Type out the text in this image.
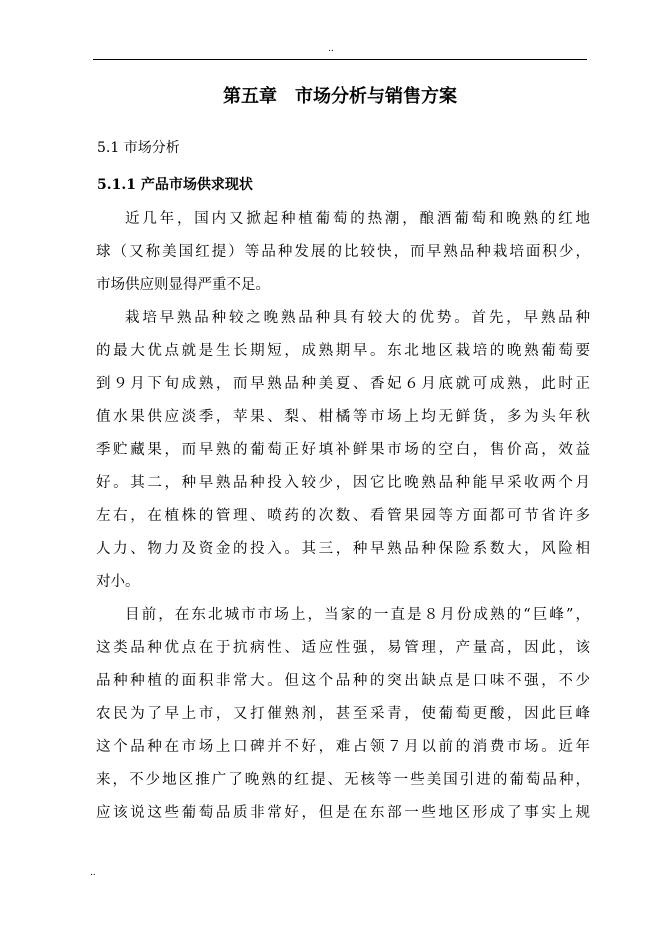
..
第五章　市场分析与销售方案
5.1 市场分析
5.1.1 产品市场供求现状
近几年，国内又掀起种植葡萄的热潮，酿酒葡萄和晚熟的红地
球（又称美国红提）等品种发展的比较快，而早熟品种栽培面积少，
市场供应则显得严重不足。
栽培早熟品种较之晚熟品种具有较大的优势。首先，早熟品种
的最大优点就是生长期短，成熟期早。东北地区栽培的晚熟葡萄要
到９月下旬成熟，而早熟品种美夏、香妃６月底就可成熟，此时正
值水果供应淡季，苹果、梨、柑橘等市场上均无鲜货，多为头年秋
季贮藏果，而早熟的葡萄正好填补鲜果市场的空白，售价高，效益
好。其二，种早熟品种投入较少，因它比晚熟品种能早采收两个月
左右，在植株的管理、喷药的次数、看管果园等方面都可节省许多
人力、物力及资金的投入。其三，种早熟品种保险系数大，风险相
对小。
目前，在东北城市市场上，当家的一直是８月份成熟的“巨峰”，
这类品种优点在于抗病性、适应性强，易管理，产量高，因此，该
品种种植的面积非常大。但这个品种的突出缺点是口味不强，不少
农民为了早上市，又打催熟剂，甚至采青，使葡萄更酸，因此巨峰
这个品种在市场上口碑并不好，难占领７月以前的消费市场。近年
来，不少地区推广了晚熟的红提、无核等一些美国引进的葡萄品种，
应该说这些葡萄品质非常好，但是在东部一些地区形成了事实上规
..
